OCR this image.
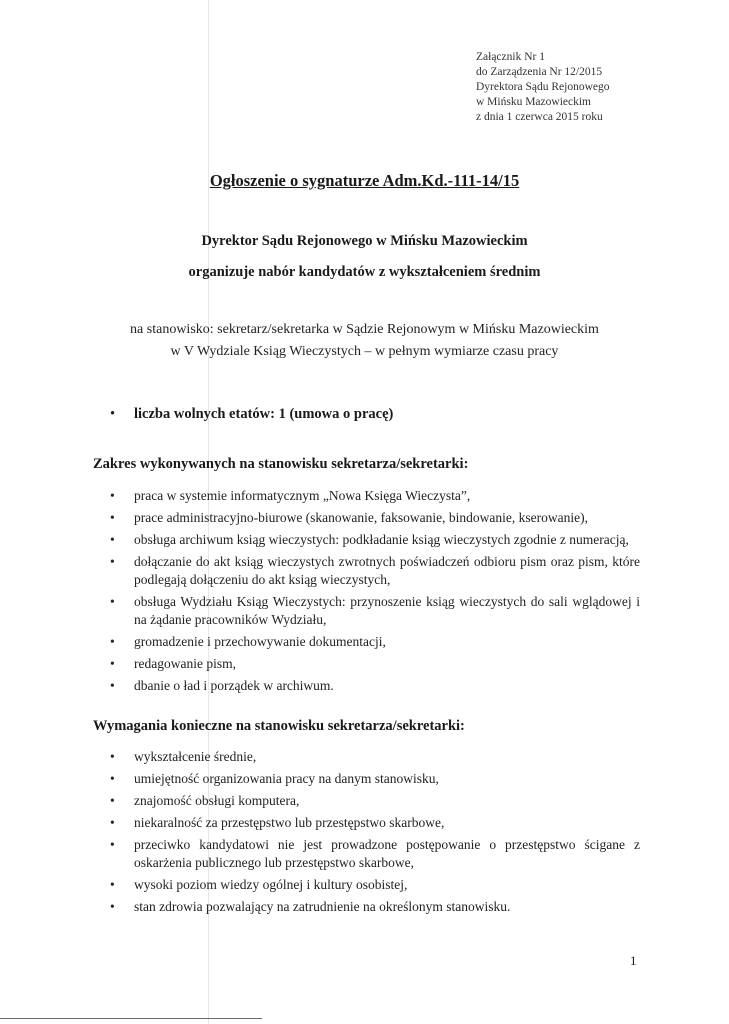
Załącznik Nr 1
do Zarządzenia Nr 12/2015
Dyrektora Sądu Rejonowego
w Mińsku Mazowieckim
z dnia 1 czerwca 2015 roku
Ogłoszenie o sygnaturze Adm.Kd.-111-14/15
Dyrektor Sądu Rejonowego w Mińsku Mazowieckim
organizuje nabór kandydatów z wykształceniem średnim
na stanowisko: sekretarz/sekretarka w Sądzie Rejonowym w Mińsku Mazowieckim
w V Wydziale Ksiąg Wieczystych – w pełnym wymiarze czasu pracy
• liczba wolnych etatów: 1 (umowa o pracę)
Zakres wykonywanych na stanowisku sekretarza/sekretarki:
• praca w systemie informatycznym „Nowa Księga Wieczysta”,
• prace administracyjno-biurowe (skanowanie, faksowanie, bindowanie, kserowanie),
• obsługa archiwum ksiąg wieczystych: podkładanie ksiąg wieczystych zgodnie z numeracją,
• dołączanie do akt ksiąg wieczystych zwrotnych poświadczeń odbioru pism oraz pism, które podlegają dołączeniu do akt ksiąg wieczystych,
• obsługa Wydziału Ksiąg Wieczystych: przynoszenie ksiąg wieczystych do sali wglądowej i na żądanie pracowników Wydziału,
• gromadzenie i przechowywanie dokumentacji,
• redagowanie pism,
• dbanie o ład i porządek w archiwum.
Wymagania konieczne na stanowisku sekretarza/sekretarki:
• wykształcenie średnie,
• umiejętność organizowania pracy na danym stanowisku,
• znajomość obsługi komputera,
• niekaralność za przestępstwo lub przestępstwo skarbowe,
• przeciwko kandydatowi nie jest prowadzone postępowanie o przestępstwo ścigane z oskarżenia publicznego lub przestępstwo skarbowe,
• wysoki poziom wiedzy ogólnej i kultury osobistej,
• stan zdrowia pozwalający na zatrudnienie na określonym stanowisku.
1
